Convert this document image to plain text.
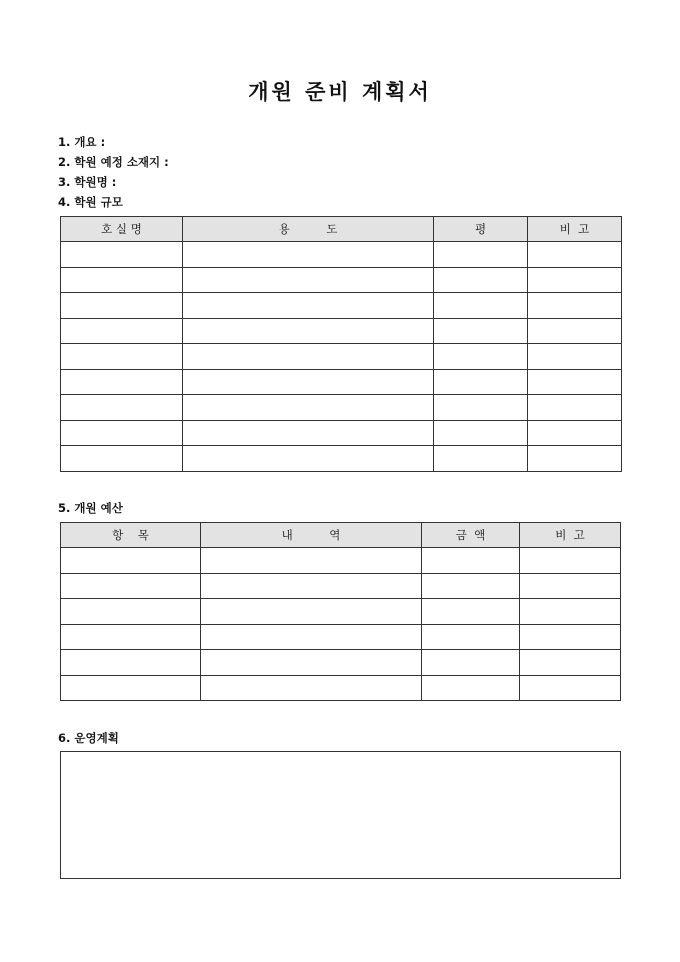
개원 준비 계획서
1. 개요 :
2. 학원 예정 소재지 :
3. 학원명 :
4. 학원 규모
호 실 명	용          도	평	비  고

5. 개원 예산
항    목	내          역	금  액	비  고

6. 운영계획
